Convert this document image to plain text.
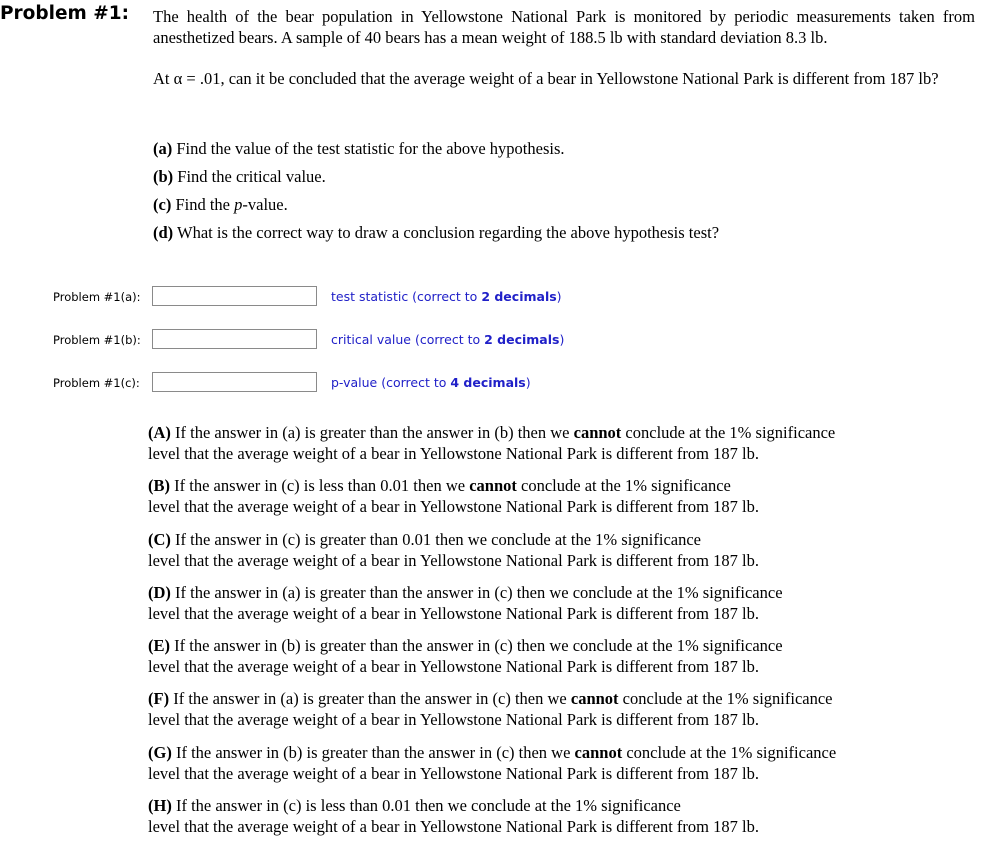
Problem #1: The health of the bear population in Yellowstone National Park is monitored by periodic measurements taken from anesthetized bears. A sample of 40 bears has a mean weight of 188.5 lb with standard deviation 8.3 lb.
At α = .01, can it be concluded that the average weight of a bear in Yellowstone National Park is different from 187 lb?
(a) Find the value of the test statistic for the above hypothesis.
(b) Find the critical value.
(c) Find the p-value.
(d) What is the correct way to draw a conclusion regarding the above hypothesis test?
Problem #1(a):	test statistic (correct to 2 decimals)
Problem #1(b):	critical value (correct to 2 decimals)
Problem #1(c):	p-value (correct to 4 decimals)
(A) If the answer in (a) is greater than the answer in (b) then we cannot conclude at the 1% significance
level that the average weight of a bear in Yellowstone National Park is different from 187 lb.
(B) If the answer in (c) is less than 0.01 then we cannot conclude at the 1% significance
level that the average weight of a bear in Yellowstone National Park is different from 187 lb.
(C) If the answer in (c) is greater than 0.01 then we conclude at the 1% significance
level that the average weight of a bear in Yellowstone National Park is different from 187 lb.
(D) If the answer in (a) is greater than the answer in (c) then we conclude at the 1% significance
level that the average weight of a bear in Yellowstone National Park is different from 187 lb.
(E) If the answer in (b) is greater than the answer in (c) then we conclude at the 1% significance
level that the average weight of a bear in Yellowstone National Park is different from 187 lb.
(F) If the answer in (a) is greater than the answer in (c) then we cannot conclude at the 1% significance
level that the average weight of a bear in Yellowstone National Park is different from 187 lb.
(G) If the answer in (b) is greater than the answer in (c) then we cannot conclude at the 1% significance
level that the average weight of a bear in Yellowstone National Park is different from 187 lb.
(H) If the answer in (c) is less than 0.01 then we conclude at the 1% significance
level that the average weight of a bear in Yellowstone National Park is different from 187 lb.
